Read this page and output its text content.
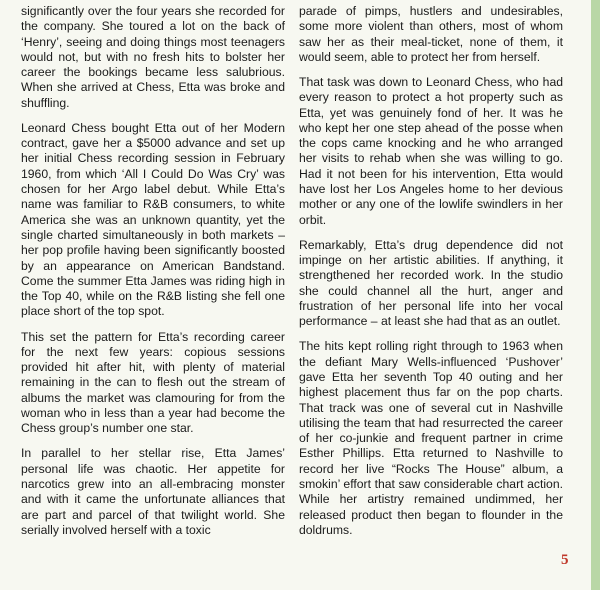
significantly over the four years she recorded for the company. She toured a lot on the back of ‘Henry’, seeing and doing things most teenagers would not, but with no fresh hits to bolster her career the bookings became less salubrious. When she arrived at Chess, Etta was broke and shuffling.

Leonard Chess bought Etta out of her Modern contract, gave her a $5000 advance and set up her initial Chess recording session in February 1960, from which ‘All I Could Do Was Cry’ was chosen for her Argo label debut. While Etta’s name was familiar to R&B consumers, to white America she was an unknown quantity, yet the single charted simultaneously in both markets – her pop profile having been significantly boosted by an appearance on American Bandstand. Come the summer Etta James was riding high in the Top 40, while on the R&B listing she fell one place short of the top spot.

This set the pattern for Etta’s recording career for the next few years: copious sessions provided hit after hit, with plenty of material remaining in the can to flesh out the stream of albums the market was clamouring for from the woman who in less than a year had become the Chess group’s number one star.

In parallel to her stellar rise, Etta James’ personal life was chaotic. Her appetite for narcotics grew into an all-embracing monster and with it came the unfortunate alliances that are part and parcel of that twilight world. She serially involved herself with a toxic

parade of pimps, hustlers and undesirables, some more violent than others, most of whom saw her as their meal-ticket, none of them, it would seem, able to protect her from herself.

That task was down to Leonard Chess, who had every reason to protect a hot property such as Etta, yet was genuinely fond of her. It was he who kept her one step ahead of the posse when the cops came knocking and he who arranged her visits to rehab when she was willing to go. Had it not been for his intervention, Etta would have lost her Los Angeles home to her devious mother or any one of the lowlife swindlers in her orbit.

Remarkably, Etta’s drug dependence did not impinge on her artistic abilities. If anything, it strengthened her recorded work. In the studio she could channel all the hurt, anger and frustration of her personal life into her vocal performance – at least she had that as an outlet.

The hits kept rolling right through to 1963 when the defiant Mary Wells-influenced ‘Pushover’ gave Etta her seventh Top 40 outing and her highest placement thus far on the pop charts. That track was one of several cut in Nashville utilising the team that had resurrected the career of her co-junkie and frequent partner in crime Esther Phillips. Etta returned to Nashville to record her live “Rocks The House” album, a smokin’ effort that saw considerable chart action. While her artistry remained undimmed, her released product then began to flounder in the doldrums.

5
